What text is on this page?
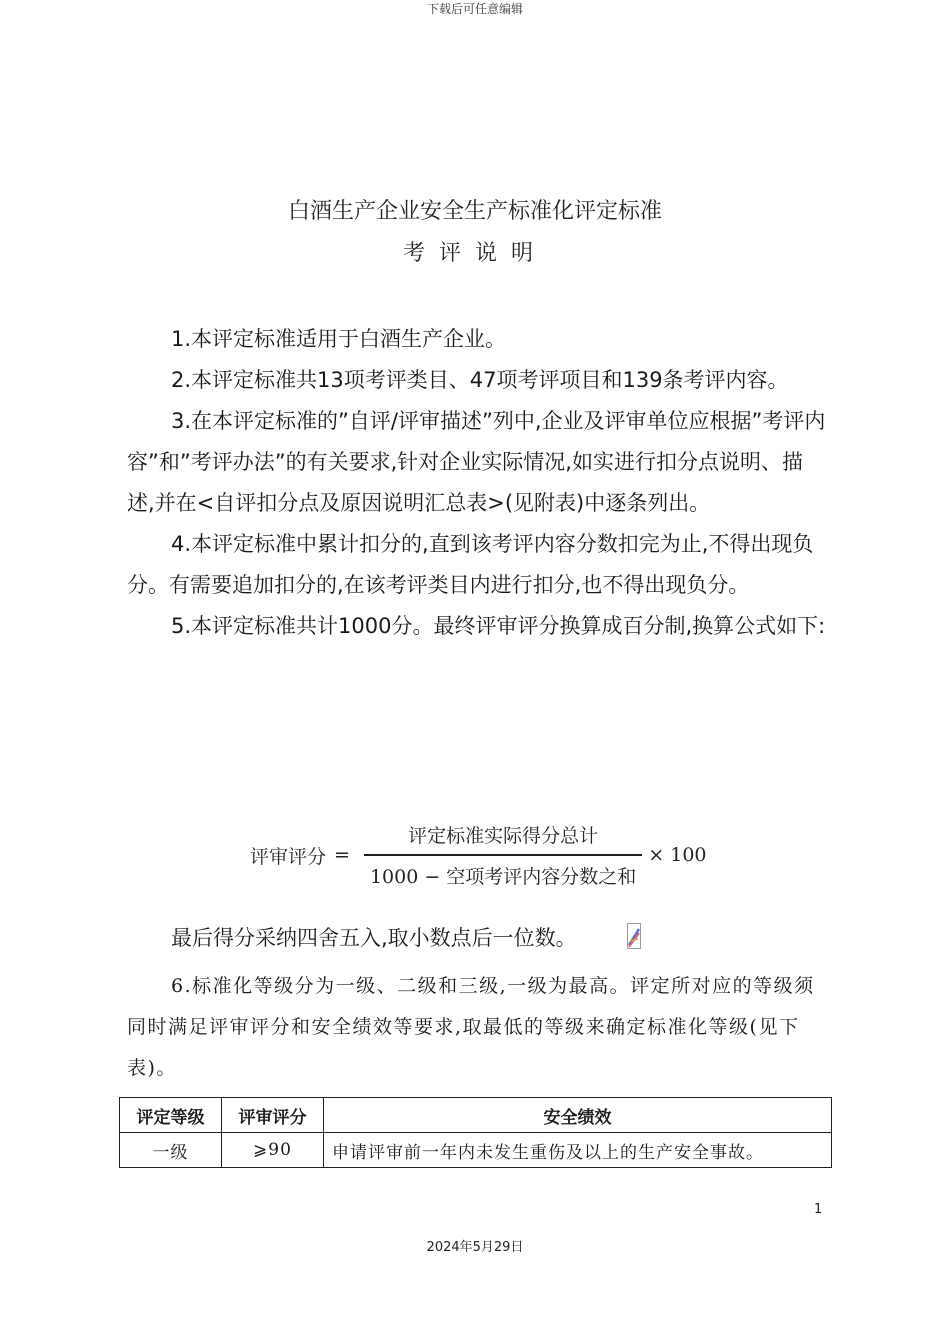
下载后可任意编辑
白酒生产企业安全生产标准化评定标准
考评说明

1.本评定标准适用于白酒生产企业。

2.本评定标准共13项考评类目、47项考评项目和139条考评内容。

3.在本评定标准的”自评/评审描述”列中,企业及评审单位应根据”考评内容”和”考评办法”的有关要求,针对企业实际情况,如实进行扣分点说明、描述,并在<自评扣分点及原因说明汇总表>(见附表)中逐条列出。

4.本评定标准中累计扣分的,直到该考评内容分数扣完为止,不得出现负分。有需要追加扣分的,在该考评类目内进行扣分,也不得出现负分。

5.本评定标准共计1000分。最终评审评分换算成百分制,换算公式如下:

评审评分 = $\frac{\text{评定标准实际得分总计}}{\text{1000 − 空项考评内容分数之和}} \times 100$

最后得分采纳四舍五入,取小数点后一位数。

6.标准化等级分为一级、二级和三级,一级为最高。评定所对应的等级须同时满足评审评分和安全绩效等要求,取最低的等级来确定标准化等级(见下表)。

评定等级	评审评分	安全绩效
一级	⩾90	申请评审前一年内未发生重伤及以上的生产安全事故。
1
2024年5月29日
